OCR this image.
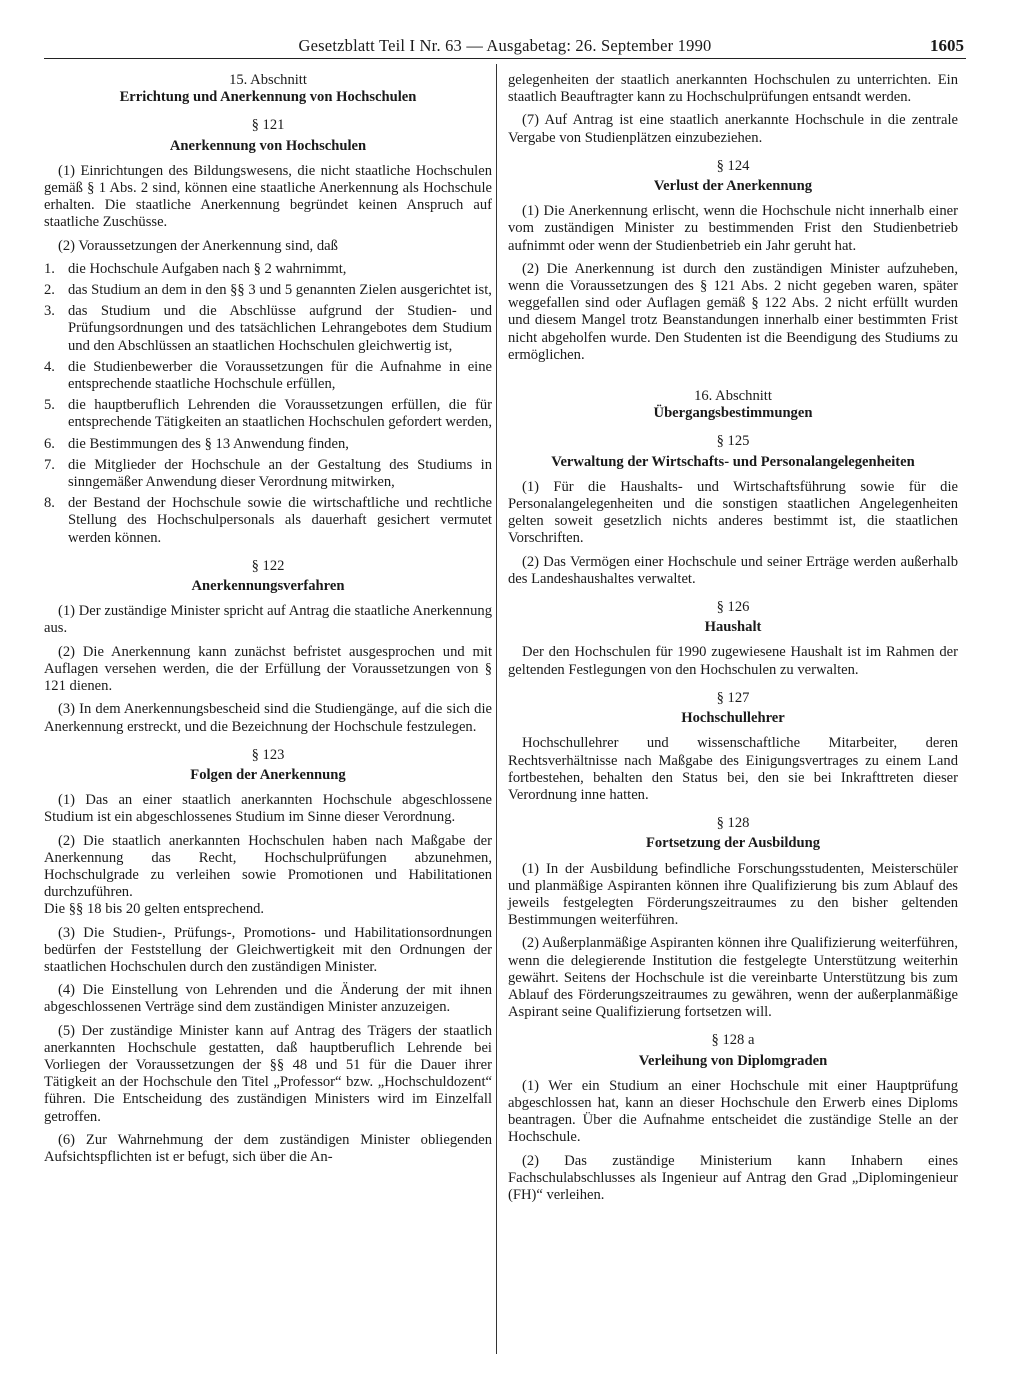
Gesetzblatt Teil I Nr. 63 — Ausgabetag: 26. September 1990	1605

15. Abschnitt

Errichtung und Anerkennung von Hochschulen

§ 121

Anerkennung von Hochschulen

(1) Einrichtungen des Bildungswesens, die nicht staatliche Hochschulen gemäß § 1 Abs. 2 sind, können eine staatliche Anerkennung als Hochschule erhalten. Die staatliche Anerkennung begründet keinen Anspruch auf staatliche Zuschüsse.

(2) Voraussetzungen der Anerkennung sind, daß

1. die Hochschule Aufgaben nach § 2 wahrnimmt,
2. das Studium an dem in den §§ 3 und 5 genannten Zielen ausgerichtet ist,
3. das Studium und die Abschlüsse aufgrund der Studien- und Prüfungsordnungen und des tatsächlichen Lehrangebotes dem Studium und den Abschlüssen an staatlichen Hochschulen gleichwertig ist,
4. die Studienbewerber die Voraussetzungen für die Aufnahme in eine entsprechende staatliche Hochschule erfüllen,
5. die hauptberuflich Lehrenden die Voraussetzungen erfüllen, die für entsprechende Tätigkeiten an staatlichen Hochschulen gefordert werden,
6. die Bestimmungen des § 13 Anwendung finden,
7. die Mitglieder der Hochschule an der Gestaltung des Studiums in sinngemäßer Anwendung dieser Verordnung mitwirken,
8. der Bestand der Hochschule sowie die wirtschaftliche und rechtliche Stellung des Hochschulpersonals als dauerhaft gesichert vermutet werden können.

§ 122

Anerkennungsverfahren

(1) Der zuständige Minister spricht auf Antrag die staatliche Anerkennung aus.

(2) Die Anerkennung kann zunächst befristet ausgesprochen und mit Auflagen versehen werden, die der Erfüllung der Voraussetzungen von § 121 dienen.

(3) In dem Anerkennungsbescheid sind die Studiengänge, auf die sich die Anerkennung erstreckt, und die Bezeichnung der Hochschule festzulegen.

§ 123

Folgen der Anerkennung

(1) Das an einer staatlich anerkannten Hochschule abgeschlossene Studium ist ein abgeschlossenes Studium im Sinne dieser Verordnung.

(2) Die staatlich anerkannten Hochschulen haben nach Maßgabe der Anerkennung das Recht, Hochschulprüfungen abzunehmen, Hochschulgrade zu verleihen sowie Promotionen und Habilitationen durchzuführen.

Die §§ 18 bis 20 gelten entsprechend.

(3) Die Studien-, Prüfungs-, Promotions- und Habilitationsordnungen bedürfen der Feststellung der Gleichwertigkeit mit den Ordnungen der staatlichen Hochschulen durch den zuständigen Minister.

(4) Die Einstellung von Lehrenden und die Änderung der mit ihnen abgeschlossenen Verträge sind dem zuständigen Minister anzuzeigen.

(5) Der zuständige Minister kann auf Antrag des Trägers der staatlich anerkannten Hochschule gestatten, daß hauptberuflich Lehrende bei Vorliegen der Voraussetzungen der §§ 48 und 51 für die Dauer ihrer Tätigkeit an der Hochschule den Titel „Professor“ bzw. „Hochschuldozent“ führen. Die Entscheidung des zuständigen Ministers wird im Einzelfall getroffen.

(6) Zur Wahrnehmung der dem zuständigen Minister obliegenden Aufsichtspflichten ist er befugt, sich über die An-

gelegenheiten der staatlich anerkannten Hochschulen zu unterrichten. Ein staatlich Beauftragter kann zu Hochschulprüfungen entsandt werden.

(7) Auf Antrag ist eine staatlich anerkannte Hochschule in die zentrale Vergabe von Studienplätzen einzubeziehen.

§ 124

Verlust der Anerkennung

(1) Die Anerkennung erlischt, wenn die Hochschule nicht innerhalb einer vom zuständigen Minister zu bestimmenden Frist den Studienbetrieb aufnimmt oder wenn der Studienbetrieb ein Jahr geruht hat.

(2) Die Anerkennung ist durch den zuständigen Minister aufzuheben, wenn die Voraussetzungen des § 121 Abs. 2 nicht gegeben waren, später weggefallen sind oder Auflagen gemäß § 122 Abs. 2 nicht erfüllt wurden und diesem Mangel trotz Beanstandungen innerhalb einer bestimmten Frist nicht abgeholfen wurde. Den Studenten ist die Beendigung des Studiums zu ermöglichen.

16. Abschnitt

Übergangsbestimmungen

§ 125

Verwaltung der Wirtschafts- und Personalangelegenheiten

(1) Für die Haushalts- und Wirtschaftsführung sowie für die Personalangelegenheiten und die sonstigen staatlichen Angelegenheiten gelten soweit gesetzlich nichts anderes bestimmt ist, die staatlichen Vorschriften.

(2) Das Vermögen einer Hochschule und seiner Erträge werden außerhalb des Landeshaushaltes verwaltet.

§ 126

Haushalt

Der den Hochschulen für 1990 zugewiesene Haushalt ist im Rahmen der geltenden Festlegungen von den Hochschulen zu verwalten.

§ 127

Hochschullehrer

Hochschullehrer und wissenschaftliche Mitarbeiter, deren Rechtsverhältnisse nach Maßgabe des Einigungsvertrages zu einem Land fortbestehen, behalten den Status bei, den sie bei Inkrafttreten dieser Verordnung inne hatten.

§ 128

Fortsetzung der Ausbildung

(1) In der Ausbildung befindliche Forschungsstudenten, Meisterschüler und planmäßige Aspiranten können ihre Qualifizierung bis zum Ablauf des jeweils festgelegten Förderungszeitraumes zu den bisher geltenden Bestimmungen weiterführen.

(2) Außerplanmäßige Aspiranten können ihre Qualifizierung weiterführen, wenn die delegierende Institution die festgelegte Unterstützung weiterhin gewährt. Seitens der Hochschule ist die vereinbarte Unterstützung bis zum Ablauf des Förderungszeitraumes zu gewähren, wenn der außerplanmäßige Aspirant seine Qualifizierung fortsetzen will.

§ 128 a

Verleihung von Diplomgraden

(1) Wer ein Studium an einer Hochschule mit einer Hauptprüfung abgeschlossen hat, kann an dieser Hochschule den Erwerb eines Diploms beantragen. Über die Aufnahme entscheidet die zuständige Stelle an der Hochschule.

(2) Das zuständige Ministerium kann Inhabern eines Fachschulabschlusses als Ingenieur auf Antrag den Grad „Diplomingenieur (FH)“ verleihen.
